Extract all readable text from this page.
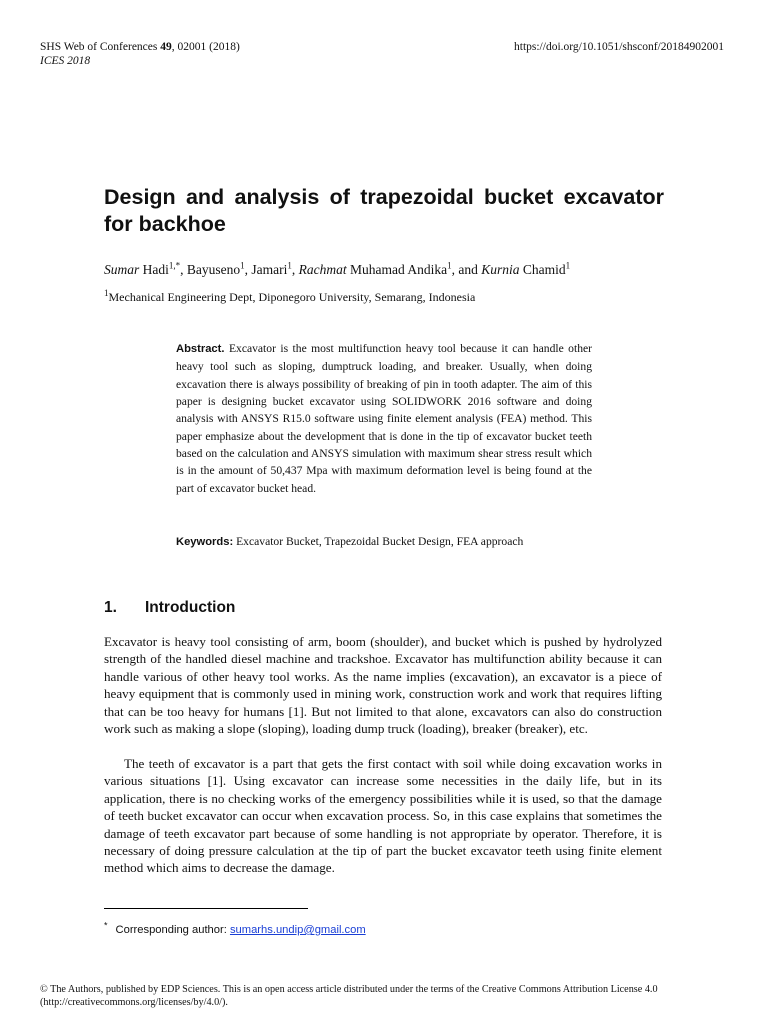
SHS Web of Conferences 49, 02001 (2018)
ICES 2018
https://doi.org/10.1051/shsconf/20184902001
Design and analysis of trapezoidal bucket excavator for backhoe
Sumar Hadi$^{1,*}$, Bayuseno$^1$, Jamari$^1$, Rachmat Muhamad Andika$^1$, and Kurnia Chamid$^1$
$^1$Mechanical Engineering Dept, Diponegoro University, Semarang, Indonesia
Abstract. Excavator is the most multifunction heavy tool because it can handle other heavy tool such as sloping, dumptruck loading, and breaker. Usually, when doing excavation there is always possibility of breaking of pin in tooth adapter. The aim of this paper is designing bucket excavator using SOLIDWORK 2016 software and doing analysis with ANSYS R15.0 software using finite element analysis (FEA) method. This paper emphasize about the development that is done in the tip of excavator bucket teeth based on the calculation and ANSYS simulation with maximum shear stress result which is in the amount of 50,437 Mpa with maximum deformation level is being found at the part of excavator bucket head.
Keywords: Excavator Bucket, Trapezoidal Bucket Design, FEA approach
1. Introduction
Excavator is heavy tool consisting of arm, boom (shoulder), and bucket which is pushed by hydrolyzed strength of the handled diesel machine and trackshoe. Excavator has multifunction ability because it can handle various of other heavy tool works. As the name implies (excavation), an excavator is a piece of heavy equipment that is commonly used in mining work, construction work and work that requires lifting that can be too heavy for humans [1]. But not limited to that alone, excavators can also do construction work such as making a slope (sloping), loading dump truck (loading), breaker (breaker), etc.
The teeth of excavator is a part that gets the first contact with soil while doing excavation works in various situations [1]. Using excavator can increase some necessities in the daily life, but in its application, there is no checking works of the emergency possibilities while it is used, so that the damage of teeth bucket excavator can occur when excavation process. So, in this case explains that sometimes the damage of teeth excavator part because of some handling is not appropriate by operator. Therefore, it is necessary of doing pressure calculation at the tip of part the bucket excavator teeth using finite element method which aims to decrease the damage.
* Corresponding author: sumarhs.undip@gmail.com
© The Authors, published by EDP Sciences. This is an open access article distributed under the terms of the Creative Commons Attribution License 4.0 (http://creativecommons.org/licenses/by/4.0/).
